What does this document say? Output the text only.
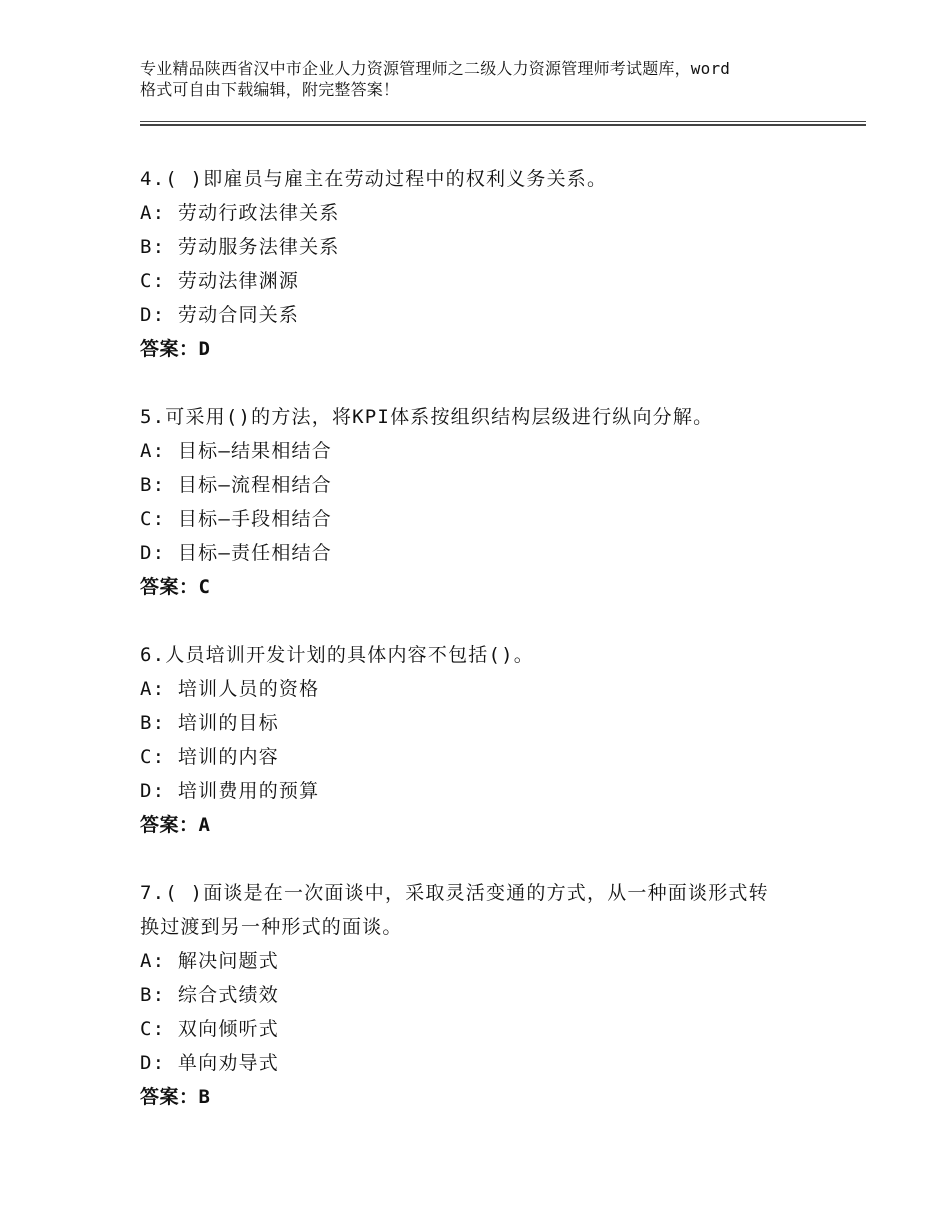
专业精品陕西省汉中市企业人力资源管理师之二级人力资源管理师考试题库，word
格式可自由下载编辑，附完整答案！
4.( )即雇员与雇主在劳动过程中的权利义务关系。
A: 劳动行政法律关系
B: 劳动服务法律关系
C: 劳动法律渊源
D: 劳动合同关系
答案：D
5.可采用()的方法，将KPI体系按组织结构层级进行纵向分解。
A: 目标—结果相结合
B: 目标—流程相结合
C: 目标—手段相结合
D: 目标—责任相结合
答案：C
6.人员培训开发计划的具体内容不包括()。
A: 培训人员的资格
B: 培训的目标
C: 培训的内容
D: 培训费用的预算
答案：A
7.( )面谈是在一次面谈中，采取灵活变通的方式，从一种面谈形式转
换过渡到另一种形式的面谈。
A: 解决问题式
B: 综合式绩效
C: 双向倾听式
D: 单向劝导式
答案：B
